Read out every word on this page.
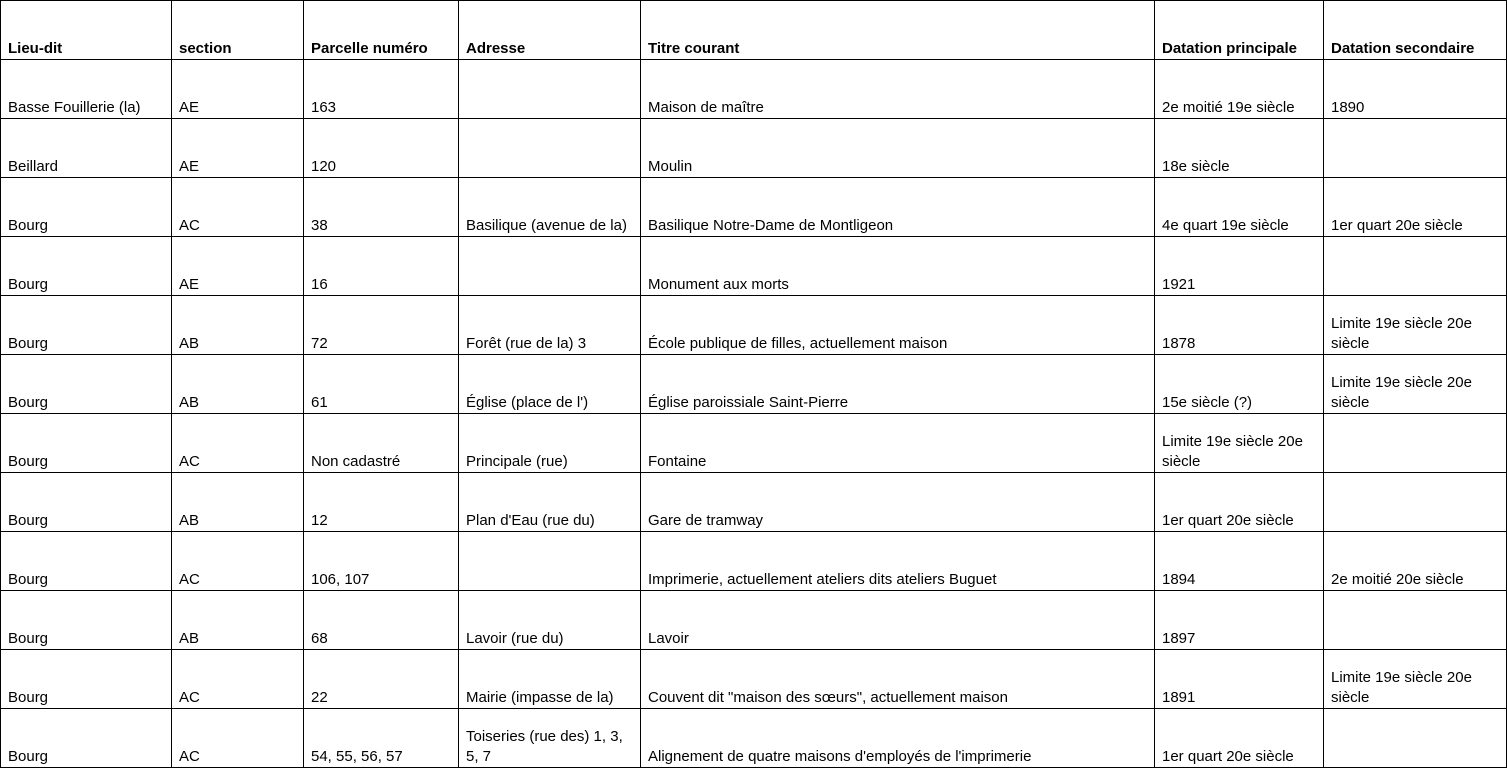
Lieu-dit	section	Parcelle numéro	Adresse	Titre courant	Datation principale	Datation secondaire
Basse Fouillerie (la)	AE	163		Maison de maître	2e moitié 19e siècle	1890
Beillard	AE	120		Moulin	18e siècle	
Bourg	AC	38	Basilique (avenue de la)	Basilique Notre-Dame de Montligeon	4e quart 19e siècle	1er quart 20e siècle
Bourg	AE	16		Monument aux morts	1921	
Bourg	AB	72	Forêt (rue de la) 3	École publique de filles, actuellement maison	1878	Limite 19e siècle 20e siècle
Bourg	AB	61	Église (place de l')	Église paroissiale Saint-Pierre	15e siècle (?)	Limite 19e siècle 20e siècle
Bourg	AC	Non cadastré	Principale (rue)	Fontaine	Limite 19e siècle 20e siècle	
Bourg	AB	12	Plan d'Eau (rue du)	Gare de tramway	1er quart 20e siècle	
Bourg	AC	106, 107		Imprimerie, actuellement ateliers dits ateliers Buguet	1894	2e moitié 20e siècle
Bourg	AB	68	Lavoir (rue du)	Lavoir	1897	
Bourg	AC	22	Mairie (impasse de la)	Couvent dit "maison des sœurs", actuellement maison	1891	Limite 19e siècle 20e siècle
Bourg	AC	54, 55, 56, 57	Toiseries (rue des) 1, 3, 5, 7	Alignement de quatre maisons d'employés de l'imprimerie	1er quart 20e siècle	
